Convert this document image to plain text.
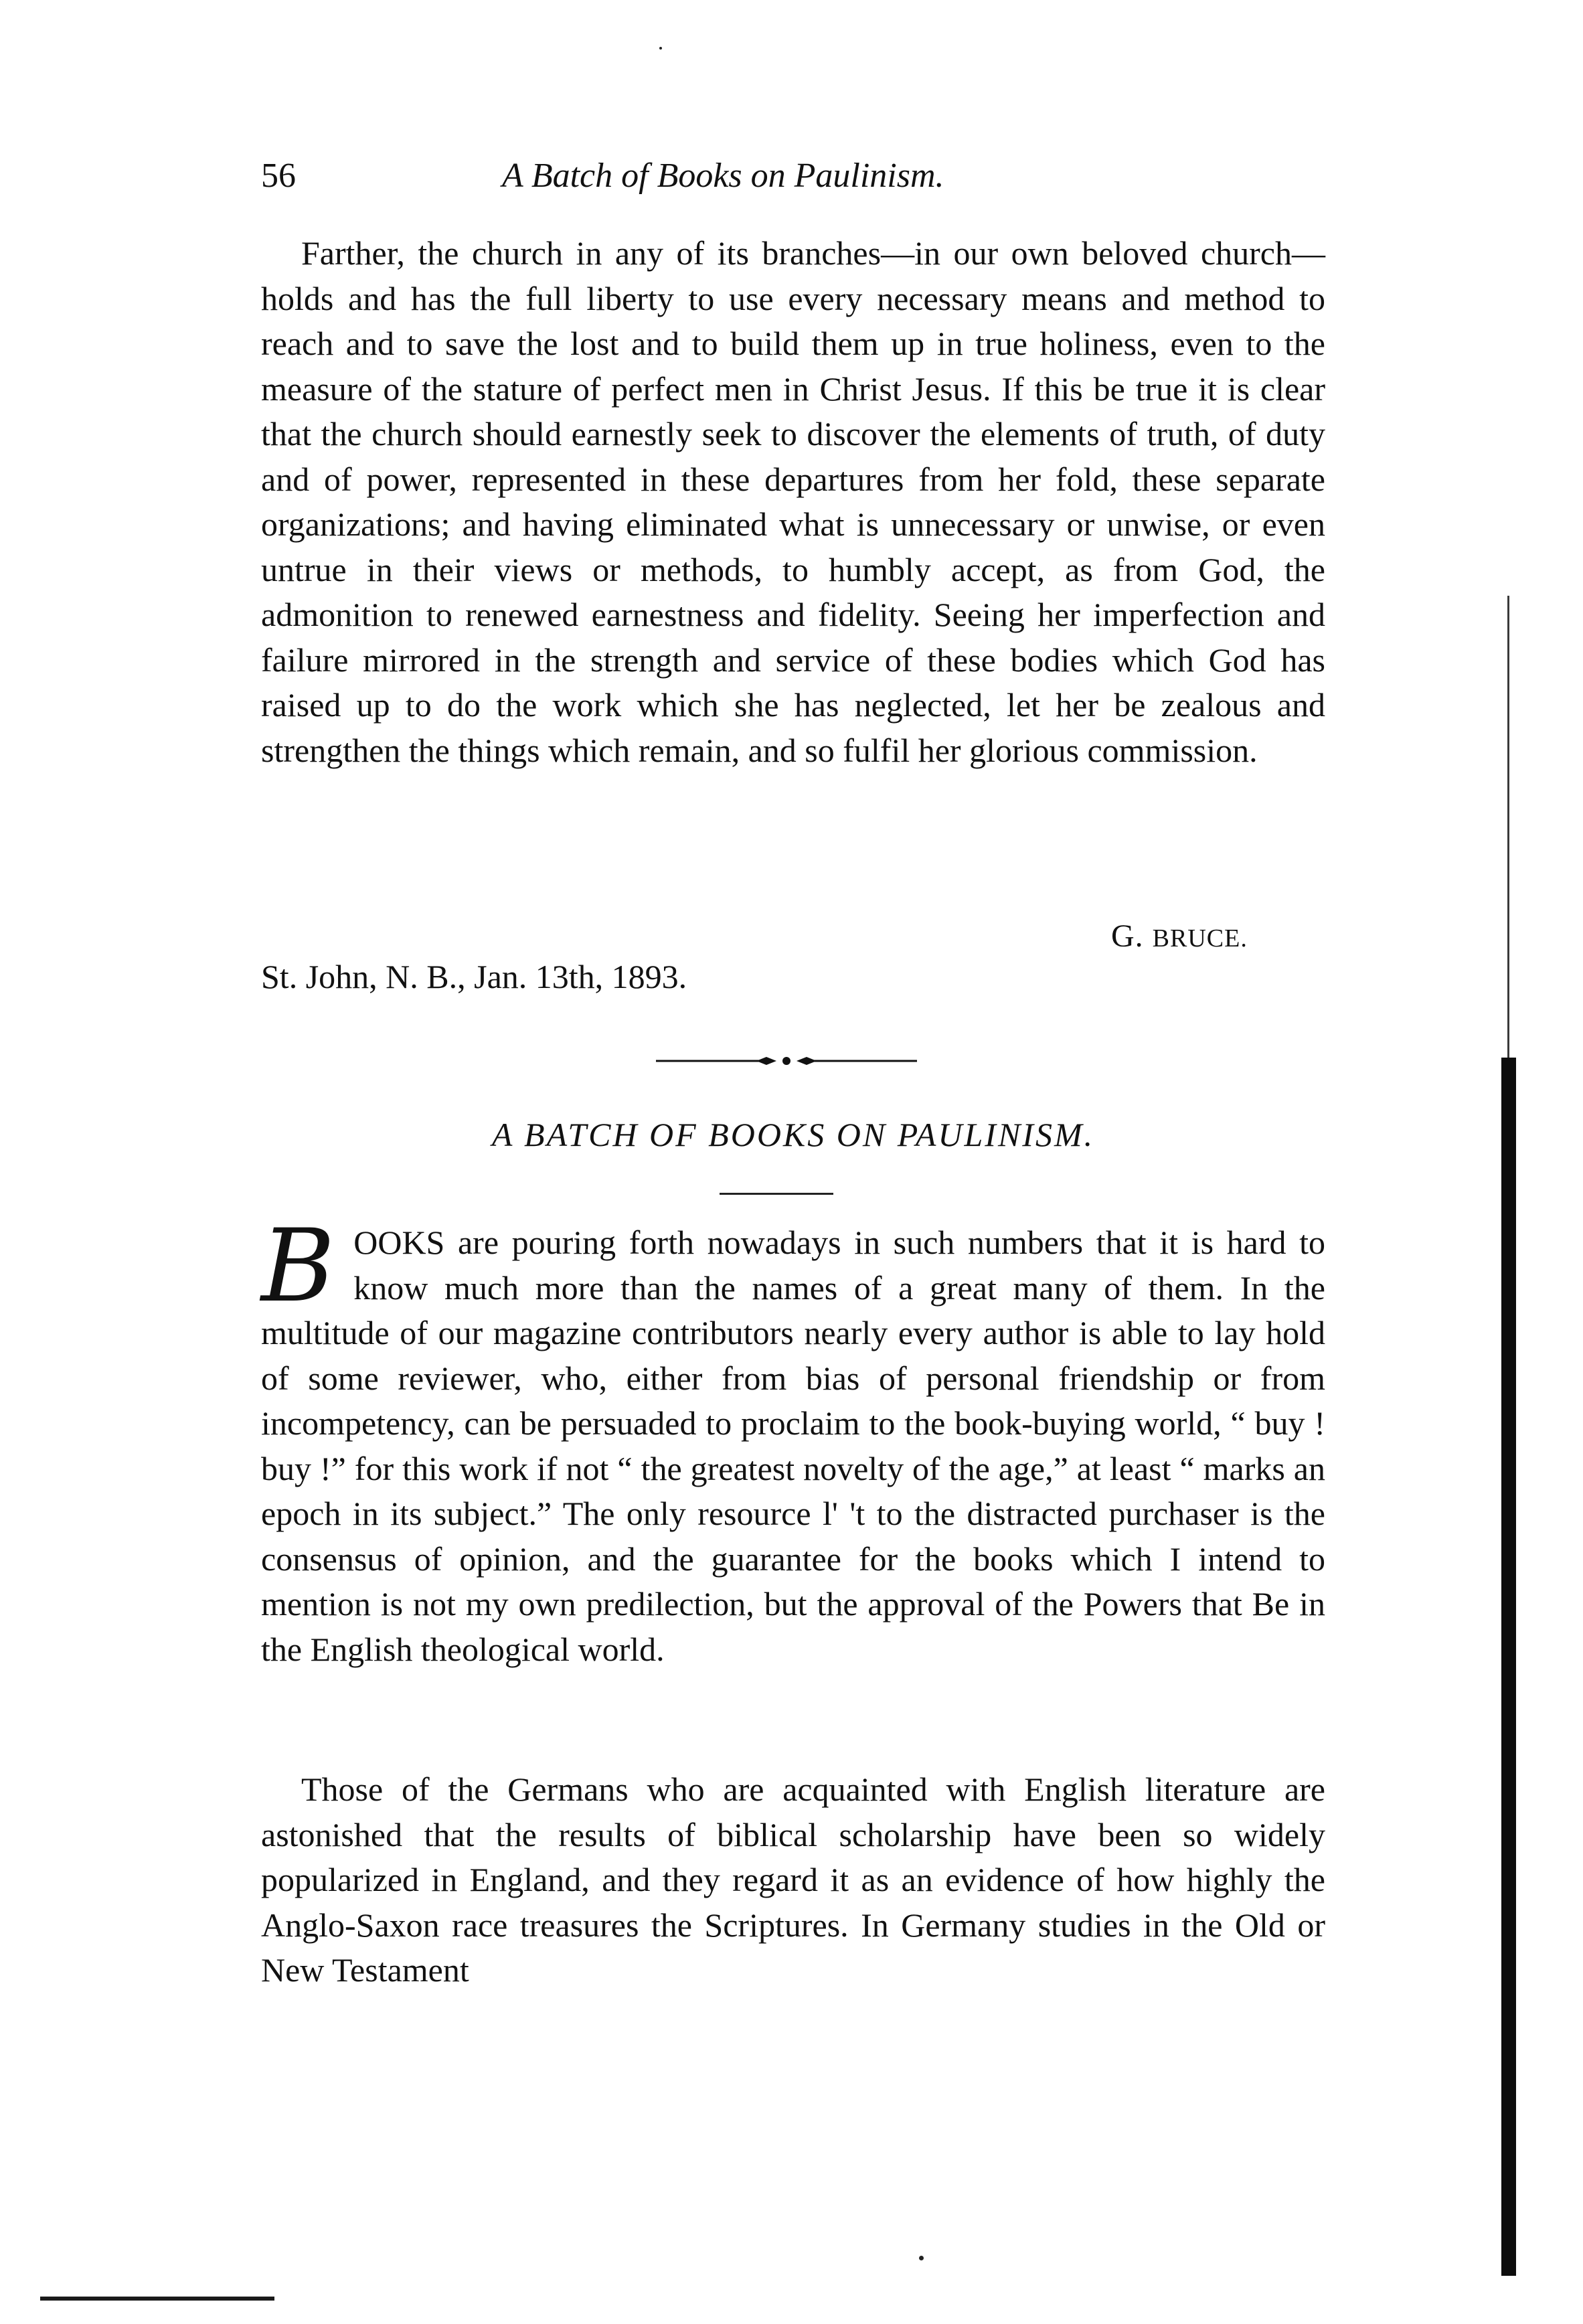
56	A Batch of Books on Paulinism.

Farther, the church in any of its branches—in our own beloved church—holds and has the full liberty to use every necessary means and method to reach and to save the lost and to build them up in true holiness, even to the measure of the stature of perfect men in Christ Jesus. If this be true it is clear that the church should earnestly seek to discover the elements of truth, of duty and of power, represented in these departures from her fold, these separate organizations; and having eliminated what is unnecessary or unwise, or even untrue in their views or methods, to humbly accept, as from God, the admonition to renewed earnestness and fidelity. Seeing her imperfection and failure mirrored in the strength and service of these bodies which God has raised up to do the work which she has neglected, let her be zealous and strengthen the things which remain, and so fulfil her glorious commission.

G. BRUCE.
St. John, N. B., Jan. 13th, 1893.
A BATCH OF BOOKS ON PAULINISM.
B OOKS are pouring forth nowadays in such numbers that it is hard to know much more than the names of a great many of them. In the multitude of our magazine contributors nearly every author is able to lay hold of some reviewer, who, either from bias of personal friendship or from incompetency, can be persuaded to proclaim to the book-buying world, “ buy ! buy !” for this work if not “ the greatest novelty of the age,” at least “ marks an epoch in its subject.” The only resource l' 't to the distracted purchaser is the consensus of opinion, and the guarantee for the books which I intend to mention is not my own predilection, but the approval of the Powers that Be in the English theological world.

Those of the Germans who are acquainted with English literature are astonished that the results of biblical scholarship have been so widely popularized in England, and they regard it as an evidence of how highly the Anglo-Saxon race treasures the Scriptures. In Germany studies in the Old or New Testament
